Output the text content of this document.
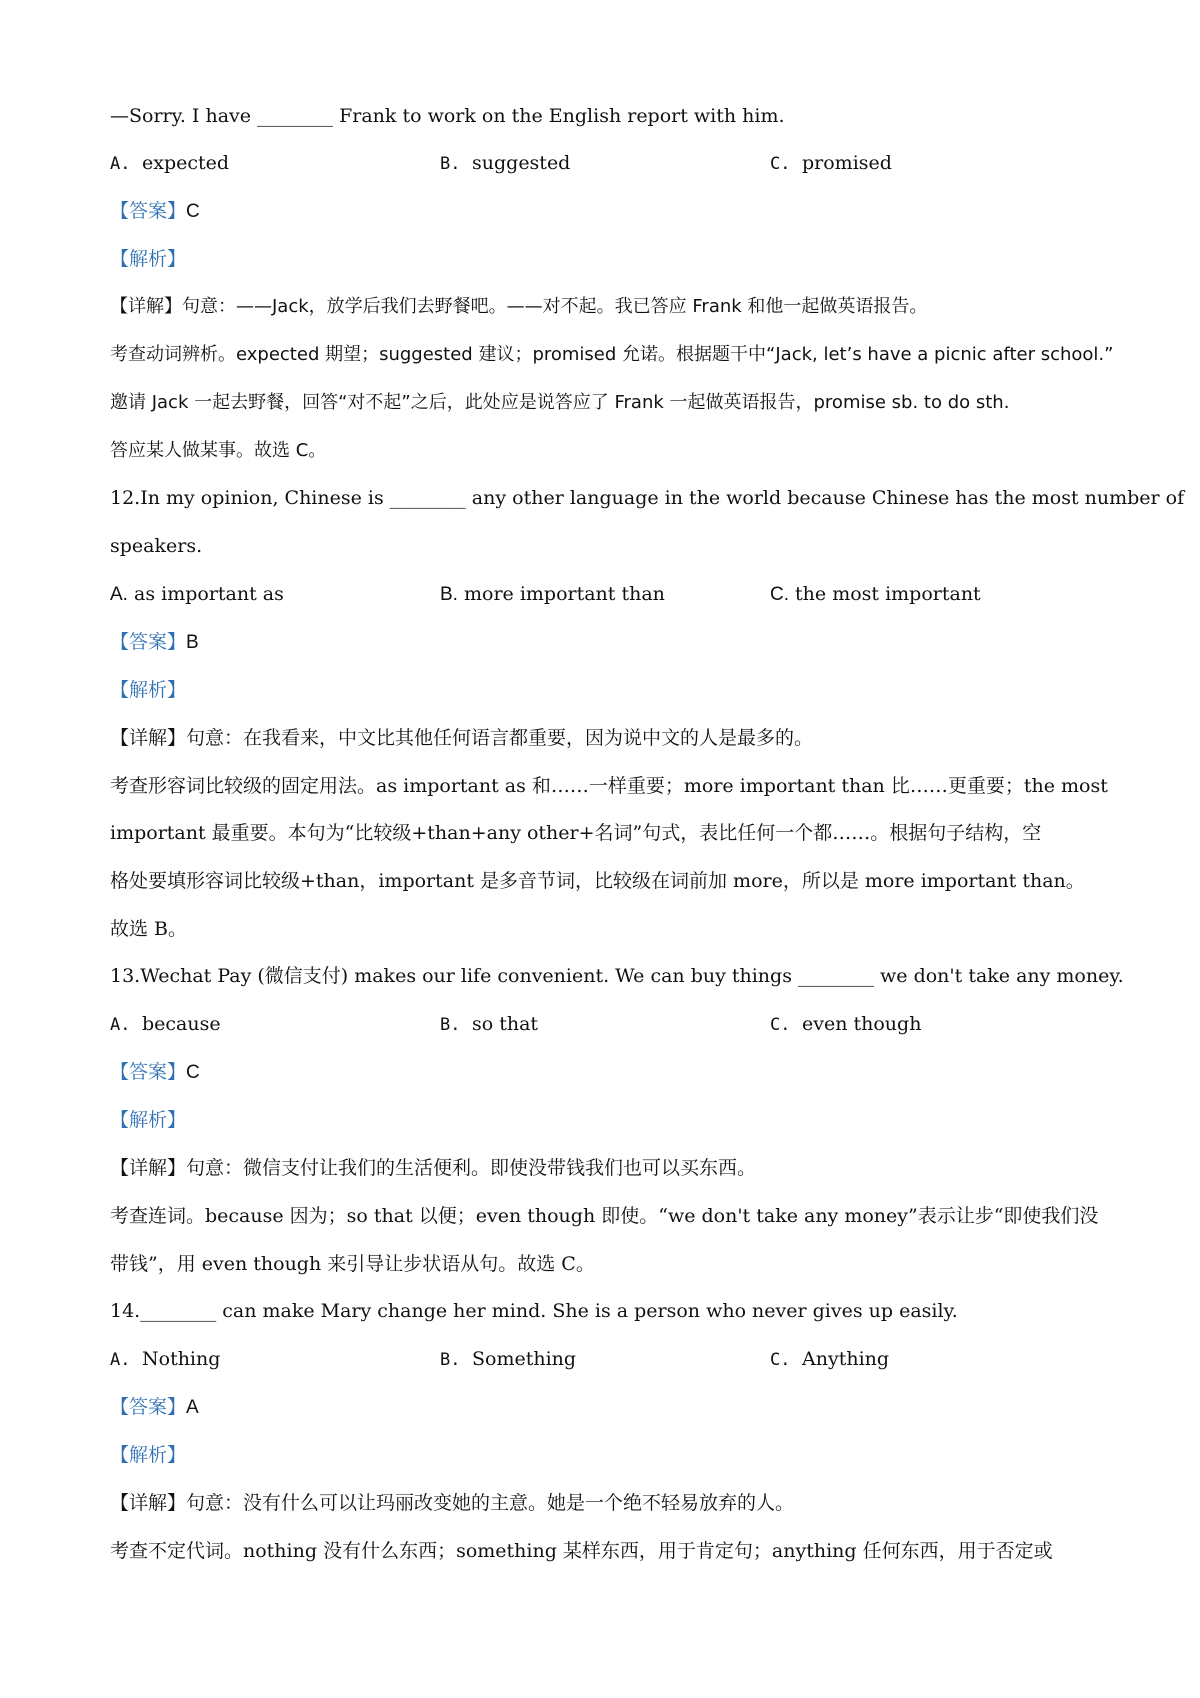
—Sorry. I have ________ Frank to work on the English report with him.
A. expected	B. suggested	C. promised
【答案】C
【解析】
【详解】句意：——Jack，放学后我们去野餐吧。——对不起。我已答应 Frank 和他一起做英语报告。
考查动词辨析。expected 期望；suggested 建议；promised 允诺。根据题干中“Jack, let’s have a picnic after school.”
邀请 Jack 一起去野餐，回答“对不起”之后，此处应是说答应了 Frank 一起做英语报告，promise sb. to do sth.
答应某人做某事。故选 C。
12.In my opinion, Chinese is ________ any other language in the world because Chinese has the most number of
speakers.
A. as important as	B. more important than	C. the most important
【答案】B
【解析】
【详解】句意：在我看来，中文比其他任何语言都重要，因为说中文的人是最多的。
考查形容词比较级的固定用法。as important as 和……一样重要；more important than 比……更重要；the most
important 最重要。本句为“比较级+than+any other+名词”句式，表比任何一个都……。根据句子结构，空
格处要填形容词比较级+than，important 是多音节词，比较级在词前加 more，所以是 more important than。
故选 B。
13.Wechat Pay (微信支付) makes our life convenient. We can buy things ________ we don't take any money.
A. because	B. so that	C. even though
【答案】C
【解析】
【详解】句意：微信支付让我们的生活便利。即使没带钱我们也可以买东西。
考查连词。because 因为；so that 以便；even though 即使。“we don't take any money”表示让步“即使我们没
带钱”，用 even though 来引导让步状语从句。故选 C。
14.________ can make Mary change her mind. She is a person who never gives up easily.
A. Nothing	B. Something	C. Anything
【答案】A
【解析】
【详解】句意：没有什么可以让玛丽改变她的主意。她是一个绝不轻易放弃的人。
考查不定代词。nothing 没有什么东西；something 某样东西，用于肯定句；anything 任何东西，用于否定或
